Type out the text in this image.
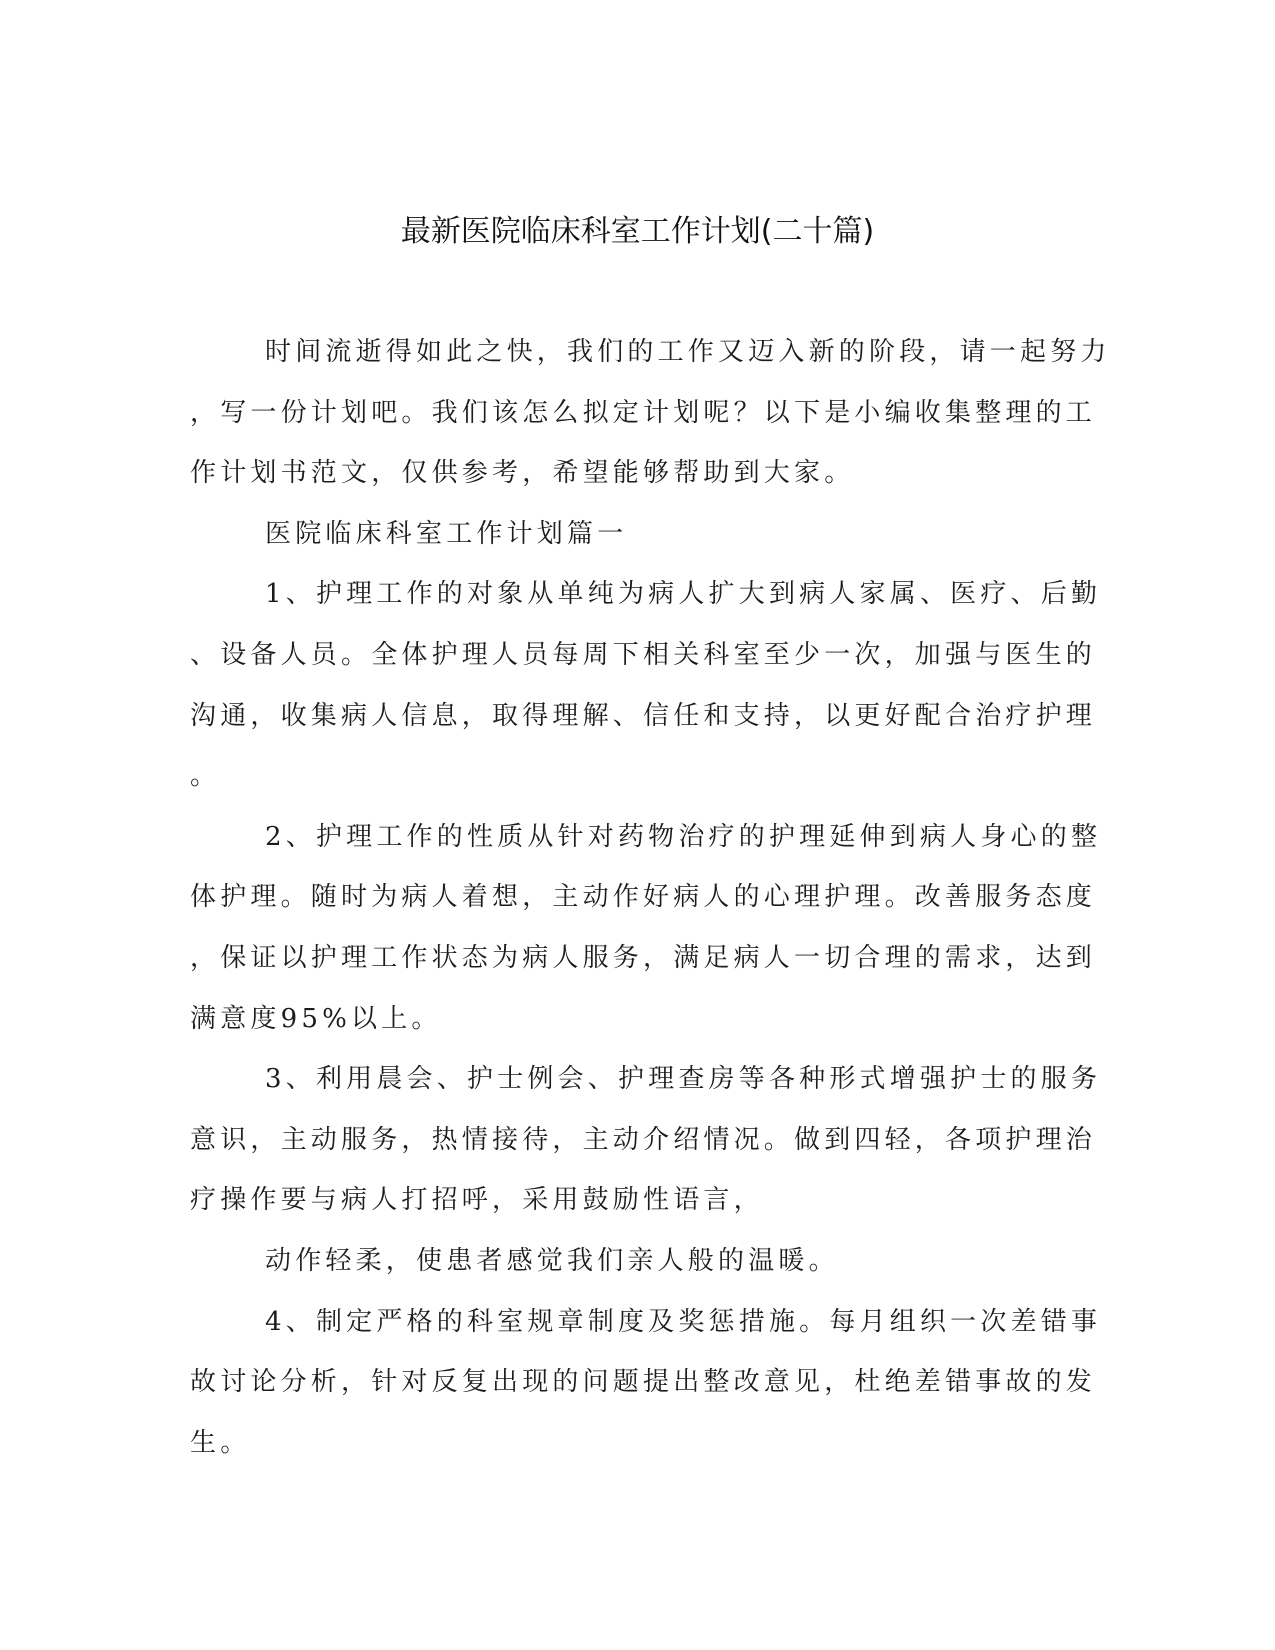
最新医院临床科室工作计划(二十篇)
时间流逝得如此之快，我们的工作又迈入新的阶段，请一起努力
，写一份计划吧。我们该怎么拟定计划呢？以下是小编收集整理的工
作计划书范文，仅供参考，希望能够帮助到大家。
医院临床科室工作计划篇一
1、护理工作的对象从单纯为病人扩大到病人家属、医疗、后勤
、设备人员。全体护理人员每周下相关科室至少一次，加强与医生的
沟通，收集病人信息，取得理解、信任和支持，以更好配合治疗护理
。
2、护理工作的性质从针对药物治疗的护理延伸到病人身心的整
体护理。随时为病人着想，主动作好病人的心理护理。改善服务态度
，保证以护理工作状态为病人服务，满足病人一切合理的需求，达到
满意度95%以上。
3、利用晨会、护士例会、护理查房等各种形式增强护士的服务
意识，主动服务，热情接待，主动介绍情况。做到四轻，各项护理治
疗操作要与病人打招呼，采用鼓励性语言，
动作轻柔，使患者感觉我们亲人般的温暖。
4、制定严格的科室规章制度及奖惩措施。每月组织一次差错事
故讨论分析，针对反复出现的问题提出整改意见，杜绝差错事故的发
生。
